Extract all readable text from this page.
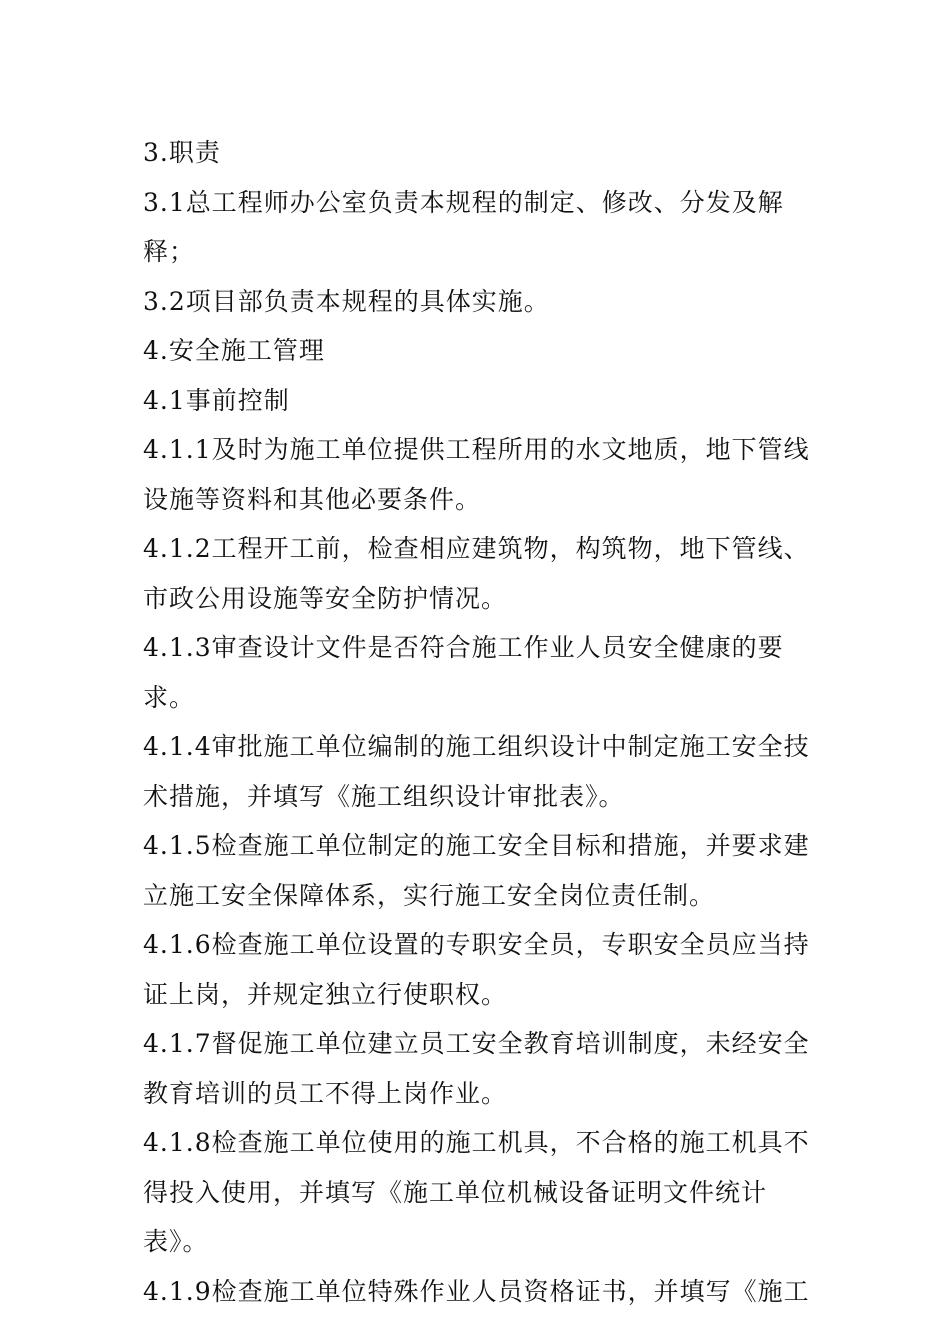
3.职责

3.1总工程师办公室负责本规程的制定、修改、分发及解释；

3.2项目部负责本规程的具体实施。

4.安全施工管理

4.1事前控制

4.1.1及时为施工单位提供工程所用的水文地质，地下管线设施等资料和其他必要条件。

4.1.2工程开工前，检查相应建筑物，构筑物，地下管线、市政公用设施等安全防护情况。

4.1.3审查设计文件是否符合施工作业人员安全健康的要求。

4.1.4审批施工单位编制的施工组织设计中制定施工安全技术措施，并填写《施工组织设计审批表》。

4.1.5检查施工单位制定的施工安全目标和措施，并要求建立施工安全保障体系，实行施工安全岗位责任制。

4.1.6检查施工单位设置的专职安全员，专职安全员应当持证上岗，并规定独立行使职权。

4.1.7督促施工单位建立员工安全教育培训制度，未经安全教育培训的员工不得上岗作业。

4.1.8检查施工单位使用的施工机具，不合格的施工机具不得投入使用，并填写《施工单位机械设备证明文件统计表》。

4.1.9检查施工单位特殊作业人员资格证书，并填写《施工
